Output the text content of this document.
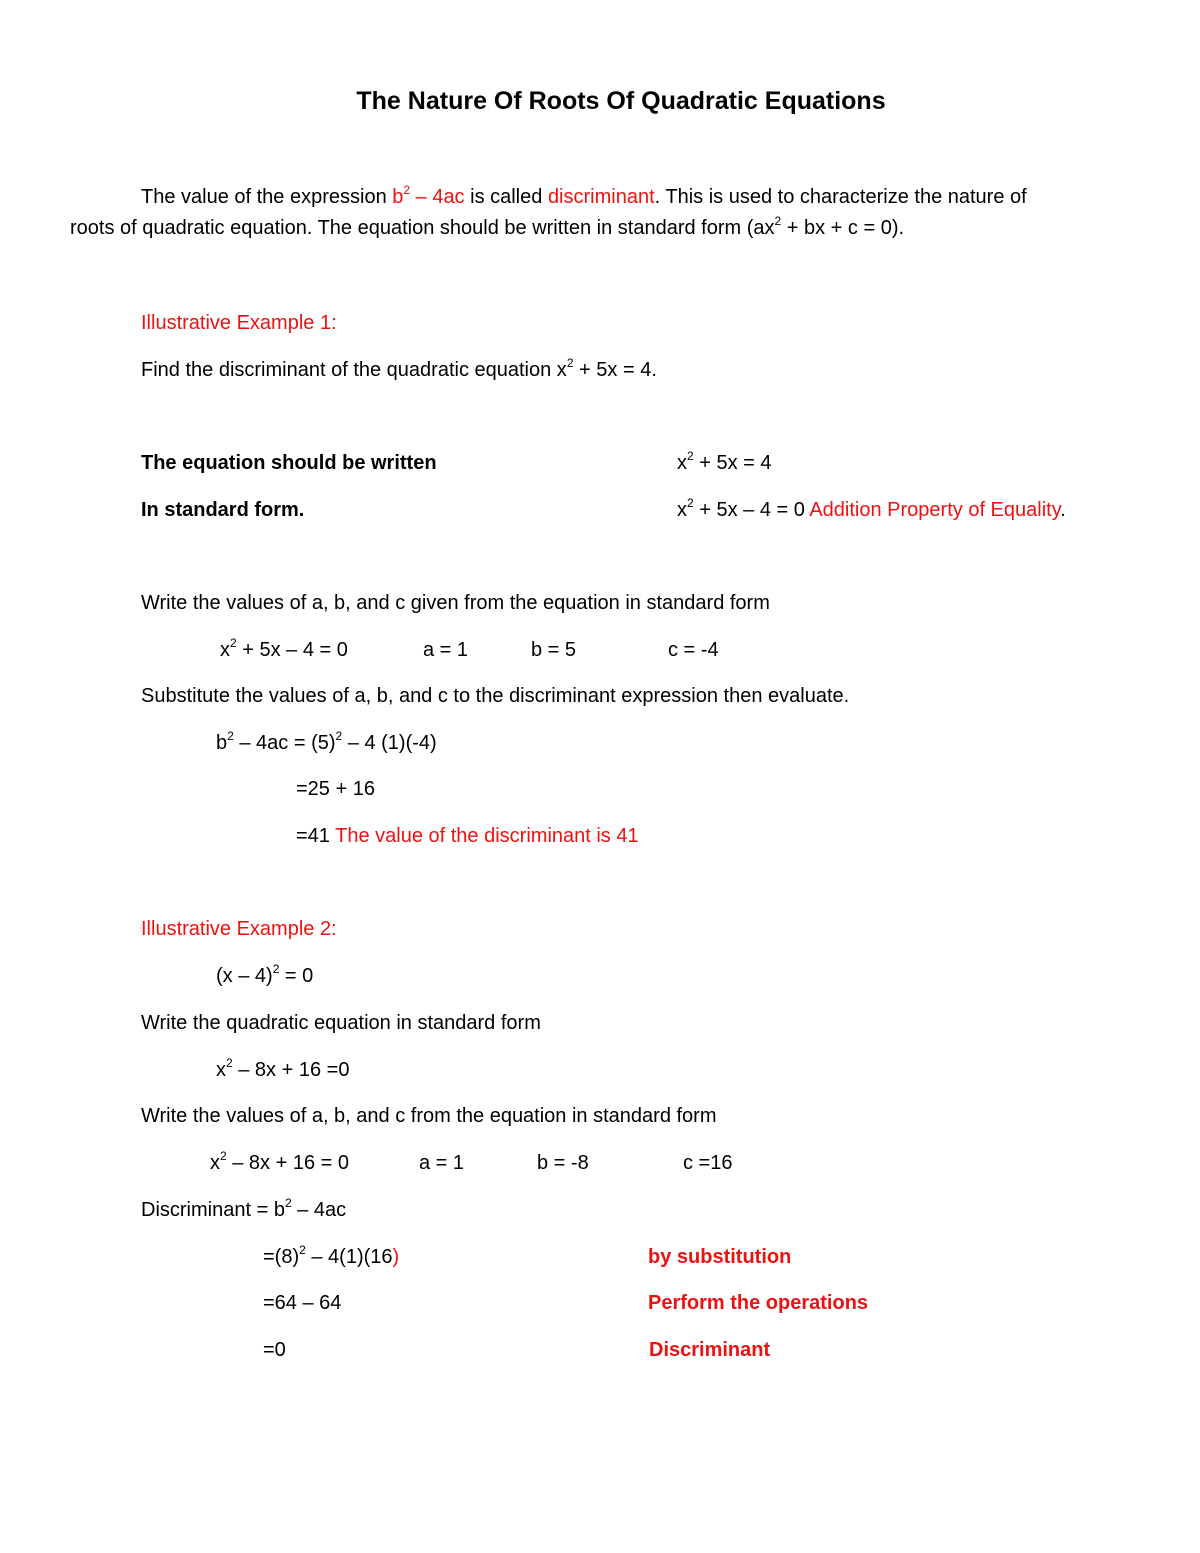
The Nature Of Roots Of Quadratic Equations
The value of the expression $b^2 - 4ac$ is called discriminant. This is used to characterize the nature of
roots of quadratic equation. The equation should be written in standard form ($ax^2$ + bx + c = 0).
Illustrative Example 1:
Find the discriminant of the quadratic equation $x^2 + 5x = 4$.
The equation should be written	$x^2 + 5x = 4$
In standard form.	$x^2 + 5x - 4 = 0$ Addition Property of Equality.
Write the values of a, b, and c given from the equation in standard form
$x^2 + 5x - 4 = 0$	a = 1	b = 5	c = -4
Substitute the values of a, b, and c to the discriminant expression then evaluate.
$b^2 - 4ac = (5)^2 - 4$ (1)(-4)
=25 + 16
=41 The value of the discriminant is 41
Illustrative Example 2:
(x – 4)$^2$ = 0
Write the quadratic equation in standard form
$x^2 - 8x + 16 =0$
Write the values of a, b, and c from the equation in standard form
$x^2 - 8x + 16 = 0$	a = 1	b = -8	c =16
Discriminant = $b^2 - 4ac$
$=(8)^2 - 4(1)(16)$	by substitution
=64 – 64	Perform the operations
=0	Discriminant
